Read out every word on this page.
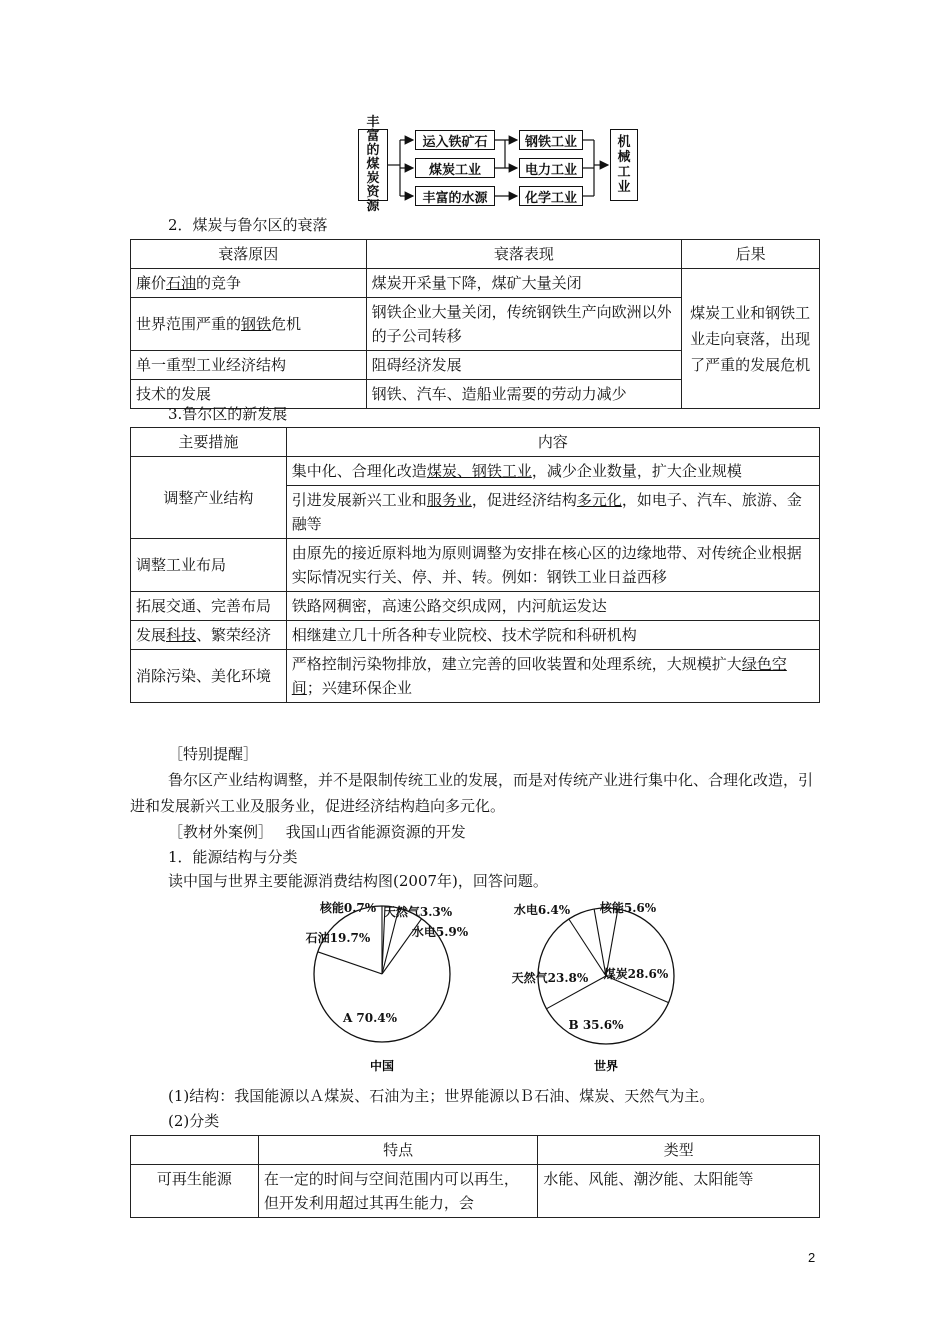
丰富的煤炭资源
运入铁矿石
煤炭工业
丰富的水源
钢铁工业
电力工业
化学工业
机械工业
2．煤炭与鲁尔区的衰落
衰落原因	衰落表现	后果
廉价石油的竞争	煤炭开采量下降，煤矿大量关闭	煤炭工业和钢铁工业走向衰落，出现了严重的发展危机
世界范围严重的钢铁危机	钢铁企业大量关闭，传统钢铁生产向欧洲以外的子公司转移	
单一重型工业经济结构	阻碍经济发展	
技术的发展	钢铁、汽车、造船业需要的劳动力减少	
3.鲁尔区的新发展
主要措施	内容
调整产业结构	集中化、合理化改造煤炭、钢铁工业，减少企业数量，扩大企业规模
	引进发展新兴工业和服务业，促进经济结构多元化，如电子、汽车、旅游、金融等
调整工业布局	由原先的接近原料地为原则调整为安排在核心区的边缘地带、对传统企业根据实际情况实行关、停、并、转。例如：钢铁工业日益西移
拓展交通、完善布局	铁路网稠密，高速公路交织成网，内河航运发达
发展科技、繁荣经济	相继建立几十所各种专业院校、技术学院和科研机构
消除污染、美化环境	严格控制污染物排放，建立完善的回收装置和处理系统，大规模扩大绿色空间；兴建环保企业
［特别提醒］
鲁尔区产业结构调整，并不是限制传统工业的发展，而是对传统产业进行集中化、合理化改造，引进和发展新兴工业及服务业，促进经济结构趋向多元化。
［教材外案例］ 我国山西省能源资源的开发
1．能源结构与分类
读中国与世界主要能源消费结构图(2007年)，回答问题。
A 70.4%
石油19.7%
核能0.7% 天然气3.3%
水电5.9%
中国
煤炭28.6%
B 35.6%
天然气23.8%
水电6.4% 核能5.6%
世界
(1)结构：我国能源以Ａ煤炭、石油为主；世界能源以Ｂ石油、煤炭、天然气为主。
(2)分类
	特点	类型
可再生能源	在一定的时间与空间范围内可以再生，但开发利用超过其再生能力，会	水能、风能、潮汐能、太阳能等
2
